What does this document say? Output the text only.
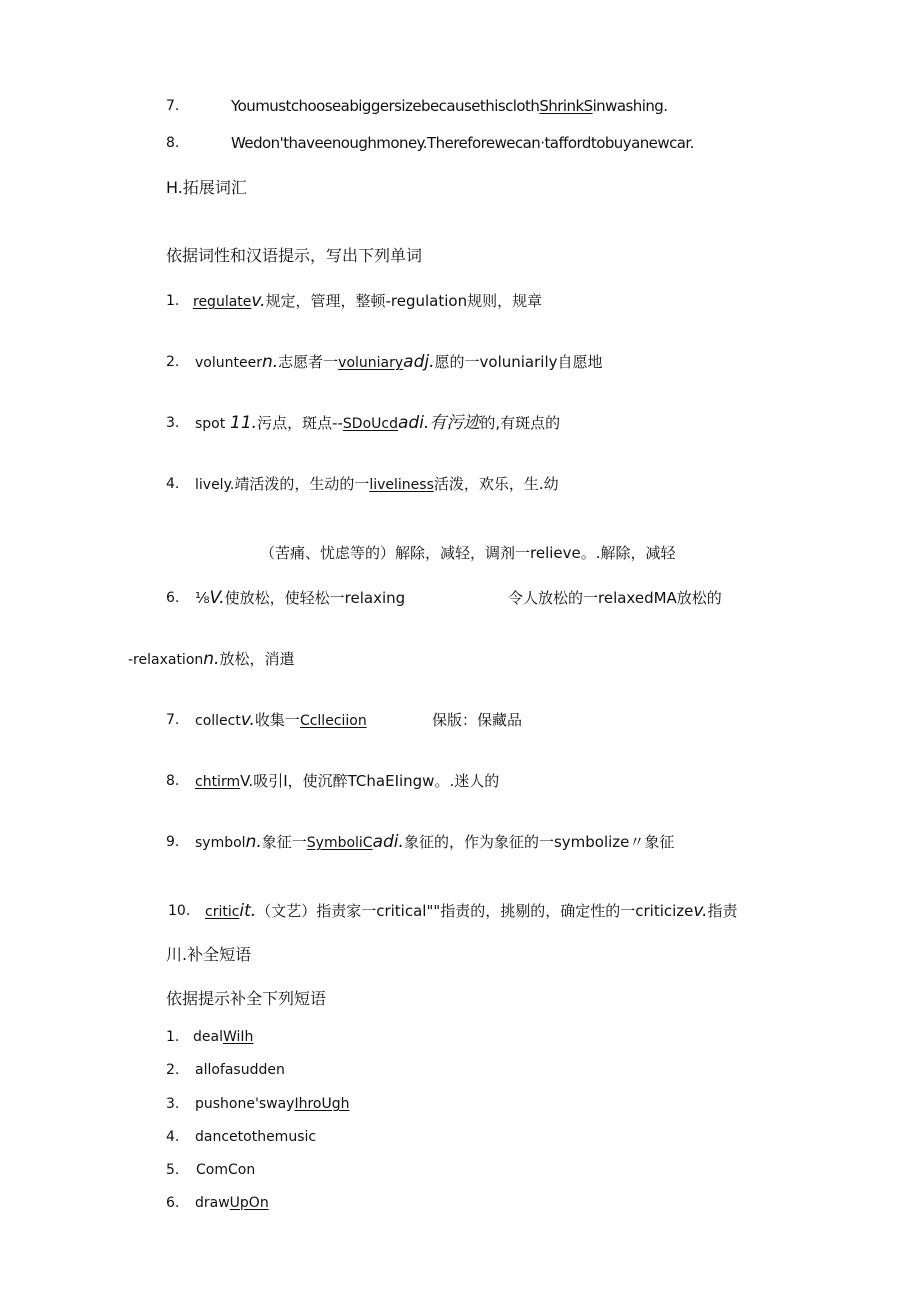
7.	YoumustchooseabiggersizebecausethisclothShrinkSinwashing.
8.	Wedon'thaveenoughmoney.Thereforewecan·taffordtobuyanewcar.
H.拓展词汇
依据词性和汉语提示，写出下列单词
1. regulatev.规定，管理，整顿-regulation规则，规章
2. volunteern.志愿者一voluniaryadj.愿的一voluniarily自愿地
3. spot 11.污点，斑点--SDoUcdadi.有污迹的,有斑点的
4. lively.靖活泼的，生动的一liveliness活泼，欢乐，生.幼
（苦痛、忧虑等的）解除，减轻，调剂一relieve。.解除，减轻
6. ⅛V.使放松，使轻松一relaxing	令人放松的一relaxedMA放松的
-relaxationn.放松，消遣
7. collectv.收集一Cclleciion	保版：保藏品
8. chtirmV.吸引I，使沉醉TChaEIingw。.迷人的
9. symboln.象征一SymboliCadi.象征的，作为象征的一symbolize〃象征
10. criticit.（文艺）指责家一critical""指责的，挑剔的，确定性的一criticizev.指责
川.补全短语
依据提示补全下列短语
1. dealWiIh
2. allofasudden
3. pushone'swayIhroUgh
4. dancetothemusic
5. ComCon
6. drawUpOn
